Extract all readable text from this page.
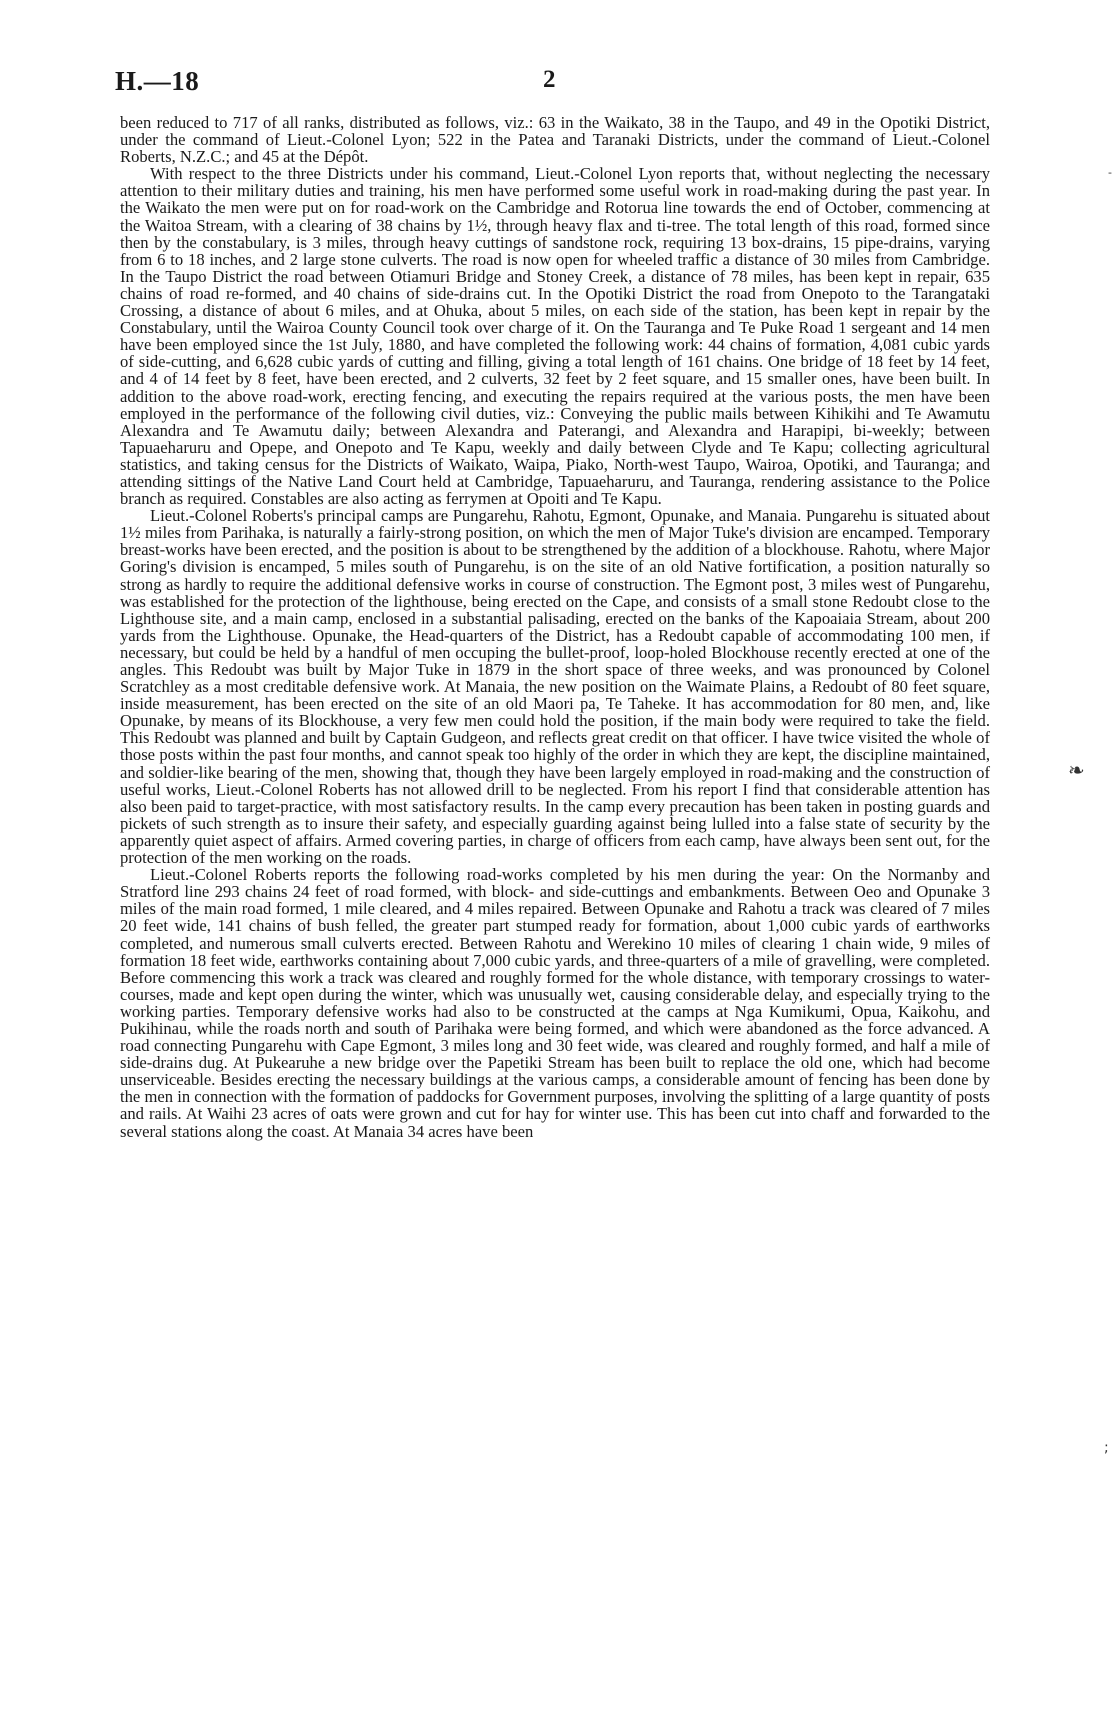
H.—18	2

been reduced to 717 of all ranks, distributed as follows, viz.: 63 in the Waikato, 38 in the Taupo, and 49 in the Opotiki District, under the command of Lieut.-Colonel Lyon; 522 in the Patea and Taranaki Districts, under the command of Lieut.-Colonel Roberts, N.Z.C.; and 45 at the Dépôt.

With respect to the three Districts under his command, Lieut.-Colonel Lyon reports that, without neglecting the necessary attention to their military duties and training, his men have performed some useful work in road-making during the past year. In the Waikato the men were put on for road-work on the Cambridge and Rotorua line towards the end of October, commencing at the Waitoa Stream, with a clearing of 38 chains by 1½, through heavy flax and ti-tree. The total length of this road, formed since then by the constabulary, is 3 miles, through heavy cuttings of sandstone rock, requiring 13 box-drains, 15 pipe-drains, varying from 6 to 18 inches, and 2 large stone culverts. The road is now open for wheeled traffic a distance of 30 miles from Cambridge. In the Taupo District the road between Otiamuri Bridge and Stoney Creek, a distance of 78 miles, has been kept in repair, 635 chains of road re-formed, and 40 chains of side-drains cut. In the Opotiki District the road from Onepoto to the Tarangataki Crossing, a distance of about 6 miles, and at Ohuka, about 5 miles, on each side of the station, has been kept in repair by the Constabulary, until the Wairoa County Council took over charge of it. On the Tauranga and Te Puke Road 1 sergeant and 14 men have been employed since the 1st July, 1880, and have completed the following work: 44 chains of formation, 4,081 cubic yards of side-cutting, and 6,628 cubic yards of cutting and filling, giving a total length of 161 chains. One bridge of 18 feet by 14 feet, and 4 of 14 feet by 8 feet, have been erected, and 2 culverts, 32 feet by 2 feet square, and 15 smaller ones, have been built. In addition to the above road-work, erecting fencing, and executing the repairs required at the various posts, the men have been employed in the performance of the following civil duties, viz.: Conveying the public mails between Kihikihi and Te Awamutu Alexandra and Te Awamutu daily; between Alexandra and Paterangi, and Alexandra and Harapipi, bi-weekly; between Tapuaeharuru and Opepe, and Onepoto and Te Kapu, weekly and daily between Clyde and Te Kapu; collecting agricultural statistics, and taking census for the Districts of Waikato, Waipa, Piako, North-west Taupo, Wairoa, Opotiki, and Tauranga; and attending sittings of the Native Land Court held at Cambridge, Tapuaeharuru, and Tauranga, rendering assistance to the Police branch as required. Constables are also acting as ferrymen at Opoiti and Te Kapu.

Lieut.-Colonel Roberts's principal camps are Pungarehu, Rahotu, Egmont, Opunake, and Manaia. Pungarehu is situated about 1½ miles from Parihaka, is naturally a fairly-strong position, on which the men of Major Tuke's division are encamped. Temporary breast-works have been erected, and the position is about to be strengthened by the addition of a blockhouse. Rahotu, where Major Goring's division is encamped, 5 miles south of Pungarehu, is on the site of an old Native fortification, a position naturally so strong as hardly to require the additional defensive works in course of construction. The Egmont post, 3 miles west of Pungarehu, was established for the protection of the lighthouse, being erected on the Cape, and consists of a small stone Redoubt close to the Lighthouse site, and a main camp, enclosed in a substantial palisading, erected on the banks of the Kapoaiaia Stream, about 200 yards from the Lighthouse. Opunake, the Head-quarters of the District, has a Redoubt capable of accommodating 100 men, if necessary, but could be held by a handful of men occuping the bullet-proof, loop-holed Blockhouse recently erected at one of the angles. This Redoubt was built by Major Tuke in 1879 in the short space of three weeks, and was pronounced by Colonel Scratchley as a most creditable defensive work. At Manaia, the new position on the Waimate Plains, a Redoubt of 80 feet square, inside measurement, has been erected on the site of an old Maori pa, Te Taheke. It has accommodation for 80 men, and, like Opunake, by means of its Blockhouse, a very few men could hold the position, if the main body were required to take the field. This Redoubt was planned and built by Captain Gudgeon, and reflects great credit on that officer. I have twice visited the whole of those posts within the past four months, and cannot speak too highly of the order in which they are kept, the discipline maintained, and soldier-like bearing of the men, showing that, though they have been largely employed in road-making and the construction of useful works, Lieut.-Colonel Roberts has not allowed drill to be neglected. From his report I find that considerable attention has also been paid to target-practice, with most satisfactory results. In the camp every precaution has been taken in posting guards and pickets of such strength as to insure their safety, and especially guarding against being lulled into a false state of security by the apparently quiet aspect of affairs. Armed covering parties, in charge of officers from each camp, have always been sent out, for the protection of the men working on the roads.

Lieut.-Colonel Roberts reports the following road-works completed by his men during the year: On the Normanby and Stratford line 293 chains 24 feet of road formed, with block- and side-cuttings and embankments. Between Oeo and Opunake 3 miles of the main road formed, 1 mile cleared, and 4 miles repaired. Between Opunake and Rahotu a track was cleared of 7 miles 20 feet wide, 141 chains of bush felled, the greater part stumped ready for formation, about 1,000 cubic yards of earthworks completed, and numerous small culverts erected. Between Rahotu and Werekino 10 miles of clearing 1 chain wide, 9 miles of formation 18 feet wide, earthworks containing about 7,000 cubic yards, and three-quarters of a mile of gravelling, were completed. Before commencing this work a track was cleared and roughly formed for the whole distance, with temporary crossings to water-courses, made and kept open during the winter, which was unusually wet, causing considerable delay, and especially trying to the working parties. Temporary defensive works had also to be constructed at the camps at Nga Kumikumi, Opua, Kaikohu, and Pukihinau, while the roads north and south of Parihaka were being formed, and which were abandoned as the force advanced. A road connecting Pungarehu with Cape Egmont, 3 miles long and 30 feet wide, was cleared and roughly formed, and half a mile of side-drains dug. At Pukearuhe a new bridge over the Papetiki Stream has been built to replace the old one, which had become unserviceable. Besides erecting the necessary buildings at the various camps, a considerable amount of fencing has been done by the men in connection with the formation of paddocks for Government purposes, involving the splitting of a large quantity of posts and rails. At Waihi 23 acres of oats were grown and cut for hay for winter use. This has been cut into chaff and forwarded to the several stations along the coast. At Manaia 34 acres have been

-
❧
;
